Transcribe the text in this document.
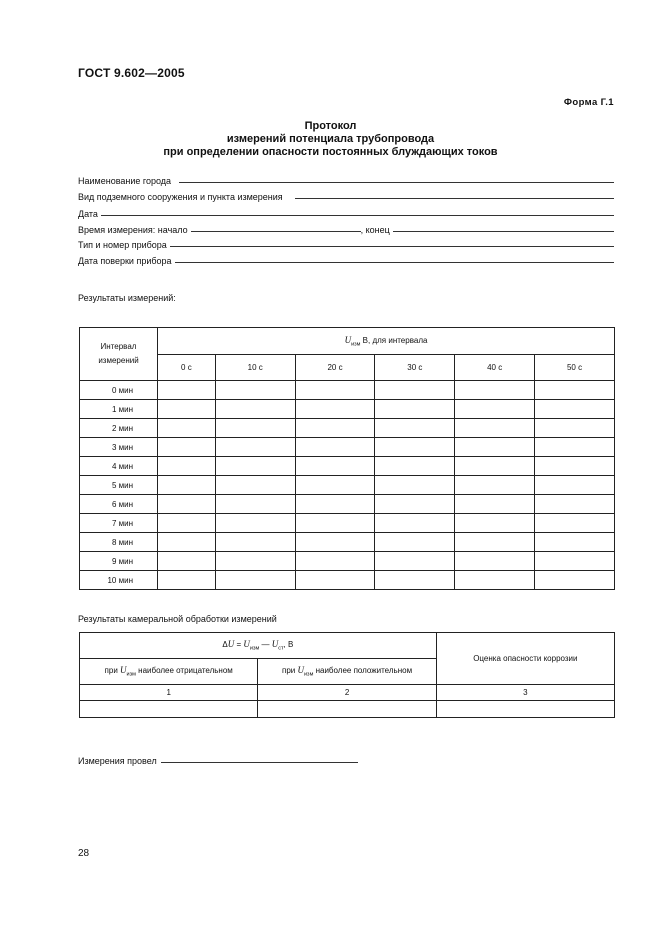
ГОСТ 9.602—2005
Форма Г.1
Протокол
измерений потенциала трубопровода
при определении опасности постоянных блуждающих токов
Наименование города
Вид подземного сооружения и пункта измерения
Дата
Время измерения: начало	, конец
Тип и номер прибора
Дата поверки прибора
Результаты измерений:
Интервал измерений	$U_{изм}$ В, для интервала					
	0 с	10 с	20 с	30 с	40 с	50 с
0 мин						
1 мин						
2 мин						
3 мин						
4 мин						
5 мин						
6 мин						
7 мин						
8 мин						
9 мин						
10 мин						
Результаты камеральной обработки измерений
$\Delta U = U_{изм}$ — $U_{ст}$, В		Оценка опасности коррозии
при $U_{изм}$ наиболее отрицательном	при $U_{изм}$ наиболее положительном	
1	2	3

Измерения провел
28
